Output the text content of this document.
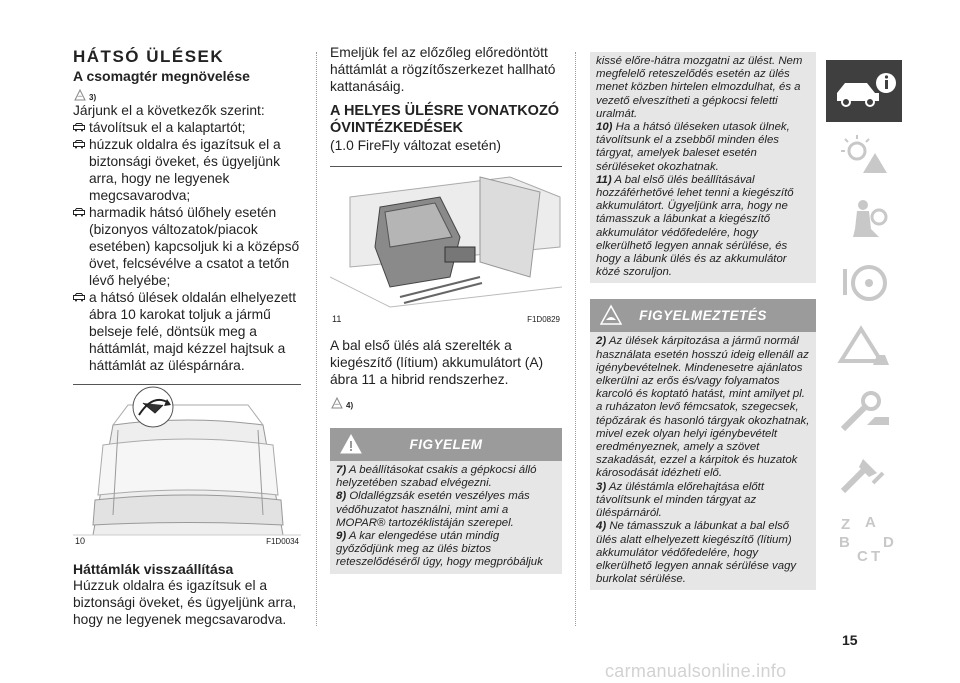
HÁTSÓ ÜLÉSEK
A csomagtér megnövelése
3)

Járjunk el a következők szerint:

távolítsuk el a kalaptartót;

húzzuk oldalra és igazítsuk el a biztonsági öveket, és ügyeljünk arra, hogy ne legyenek megcsavarodva;

harmadik hátsó ülőhely esetén (bizonyos változatok/piacok esetében) kapcsoljuk ki a középső övet, felcsévélve a csatot a tetőn lévő helyébe;

a hátsó ülések oldalán elhelyezett ábra 10 karokat toljuk a jármű belseje felé, döntsük meg a háttámlát, majd kézzel hajtsuk a háttámlát az üléspárnára.

10	F1D0034
Háttámlák visszaállítása

Húzzuk oldalra és igazítsuk el a biztonsági öveket, és ügyeljünk arra, hogy ne legyenek megcsavarodva.

Emeljük fel az előzőleg előredöntött háttámlát a rögzítőszerkezet hallható kattanásáig.

A HELYES ÜLÉSRE VONATKOZÓ ÓVINTÉZKEDÉSEK

(1.0 FireFly változat esetén)

11	F1D0829

A bal első ülés alá szerelték a kiegészítő (lítium) akkumulátort (A) ábra 11 a hibrid rendszerhez.

4)
FIGYELEM

7) A beállításokat csakis a gépkocsi álló helyzetében szabad elvégezni.

8) Oldallégzsák esetén veszélyes más védőhuzatot használni, mint ami a MOPAR® tartozéklistáján szerepel.

9) A kar elengedése után mindig győződjünk meg az ülés biztos reteszelődéséről úgy, hogy megpróbáljuk

kissé előre-hátra mozgatni az ülést. Nem megfelelő reteszelődés esetén az ülés menet közben hirtelen elmozdulhat, és a vezető elveszítheti a gépkocsi feletti uralmát.

10) Ha a hátsó üléseken utasok ülnek, távolítsunk el a zsebből minden éles tárgyat, amelyek baleset esetén sérüléseket okozhatnak.

11) A bal első ülés beállításával hozzáférhetővé lehet tenni a kiegészítő akkumulátort. Ügyeljünk arra, hogy ne támasszuk a lábunkat a kiegészítő akkumulátor védőfedelére, hogy elkerülhető legyen annak sérülése, és hogy a lábunk ülés és az akkumulátor közé szoruljon.

FIGYELMEZTETÉS

2) Az ülések kárpitozása a jármű normál használata esetén hosszú ideig ellenáll az igénybevételnek. Mindenesetre ajánlatos elkerülni az erős és/vagy folyamatos karcoló és koptató hatást, mint amilyet pl. a ruházaton levő fémcsatok, szegecsek, tépőzárak és hasonló tárgyak okozhatnak, mivel ezek olyan helyi igénybevételt eredményeznek, amely a szövet szakadását, ezzel a kárpitok és huzatok károsodását idézheti elő.

3) Az üléstámla előrehajtása előtt távolítsunk el minden tárgyat az üléspárnáról.

4) Ne támasszuk a lábunkat a bal első ülés alatt elhelyezett kiegészítő (lítium) akkumulátor védőfedelére, hogy elkerülhető legyen annak sérülése vagy burkolat sérülése.

Z A
B
C T
D
15
carmanualsonline.info
